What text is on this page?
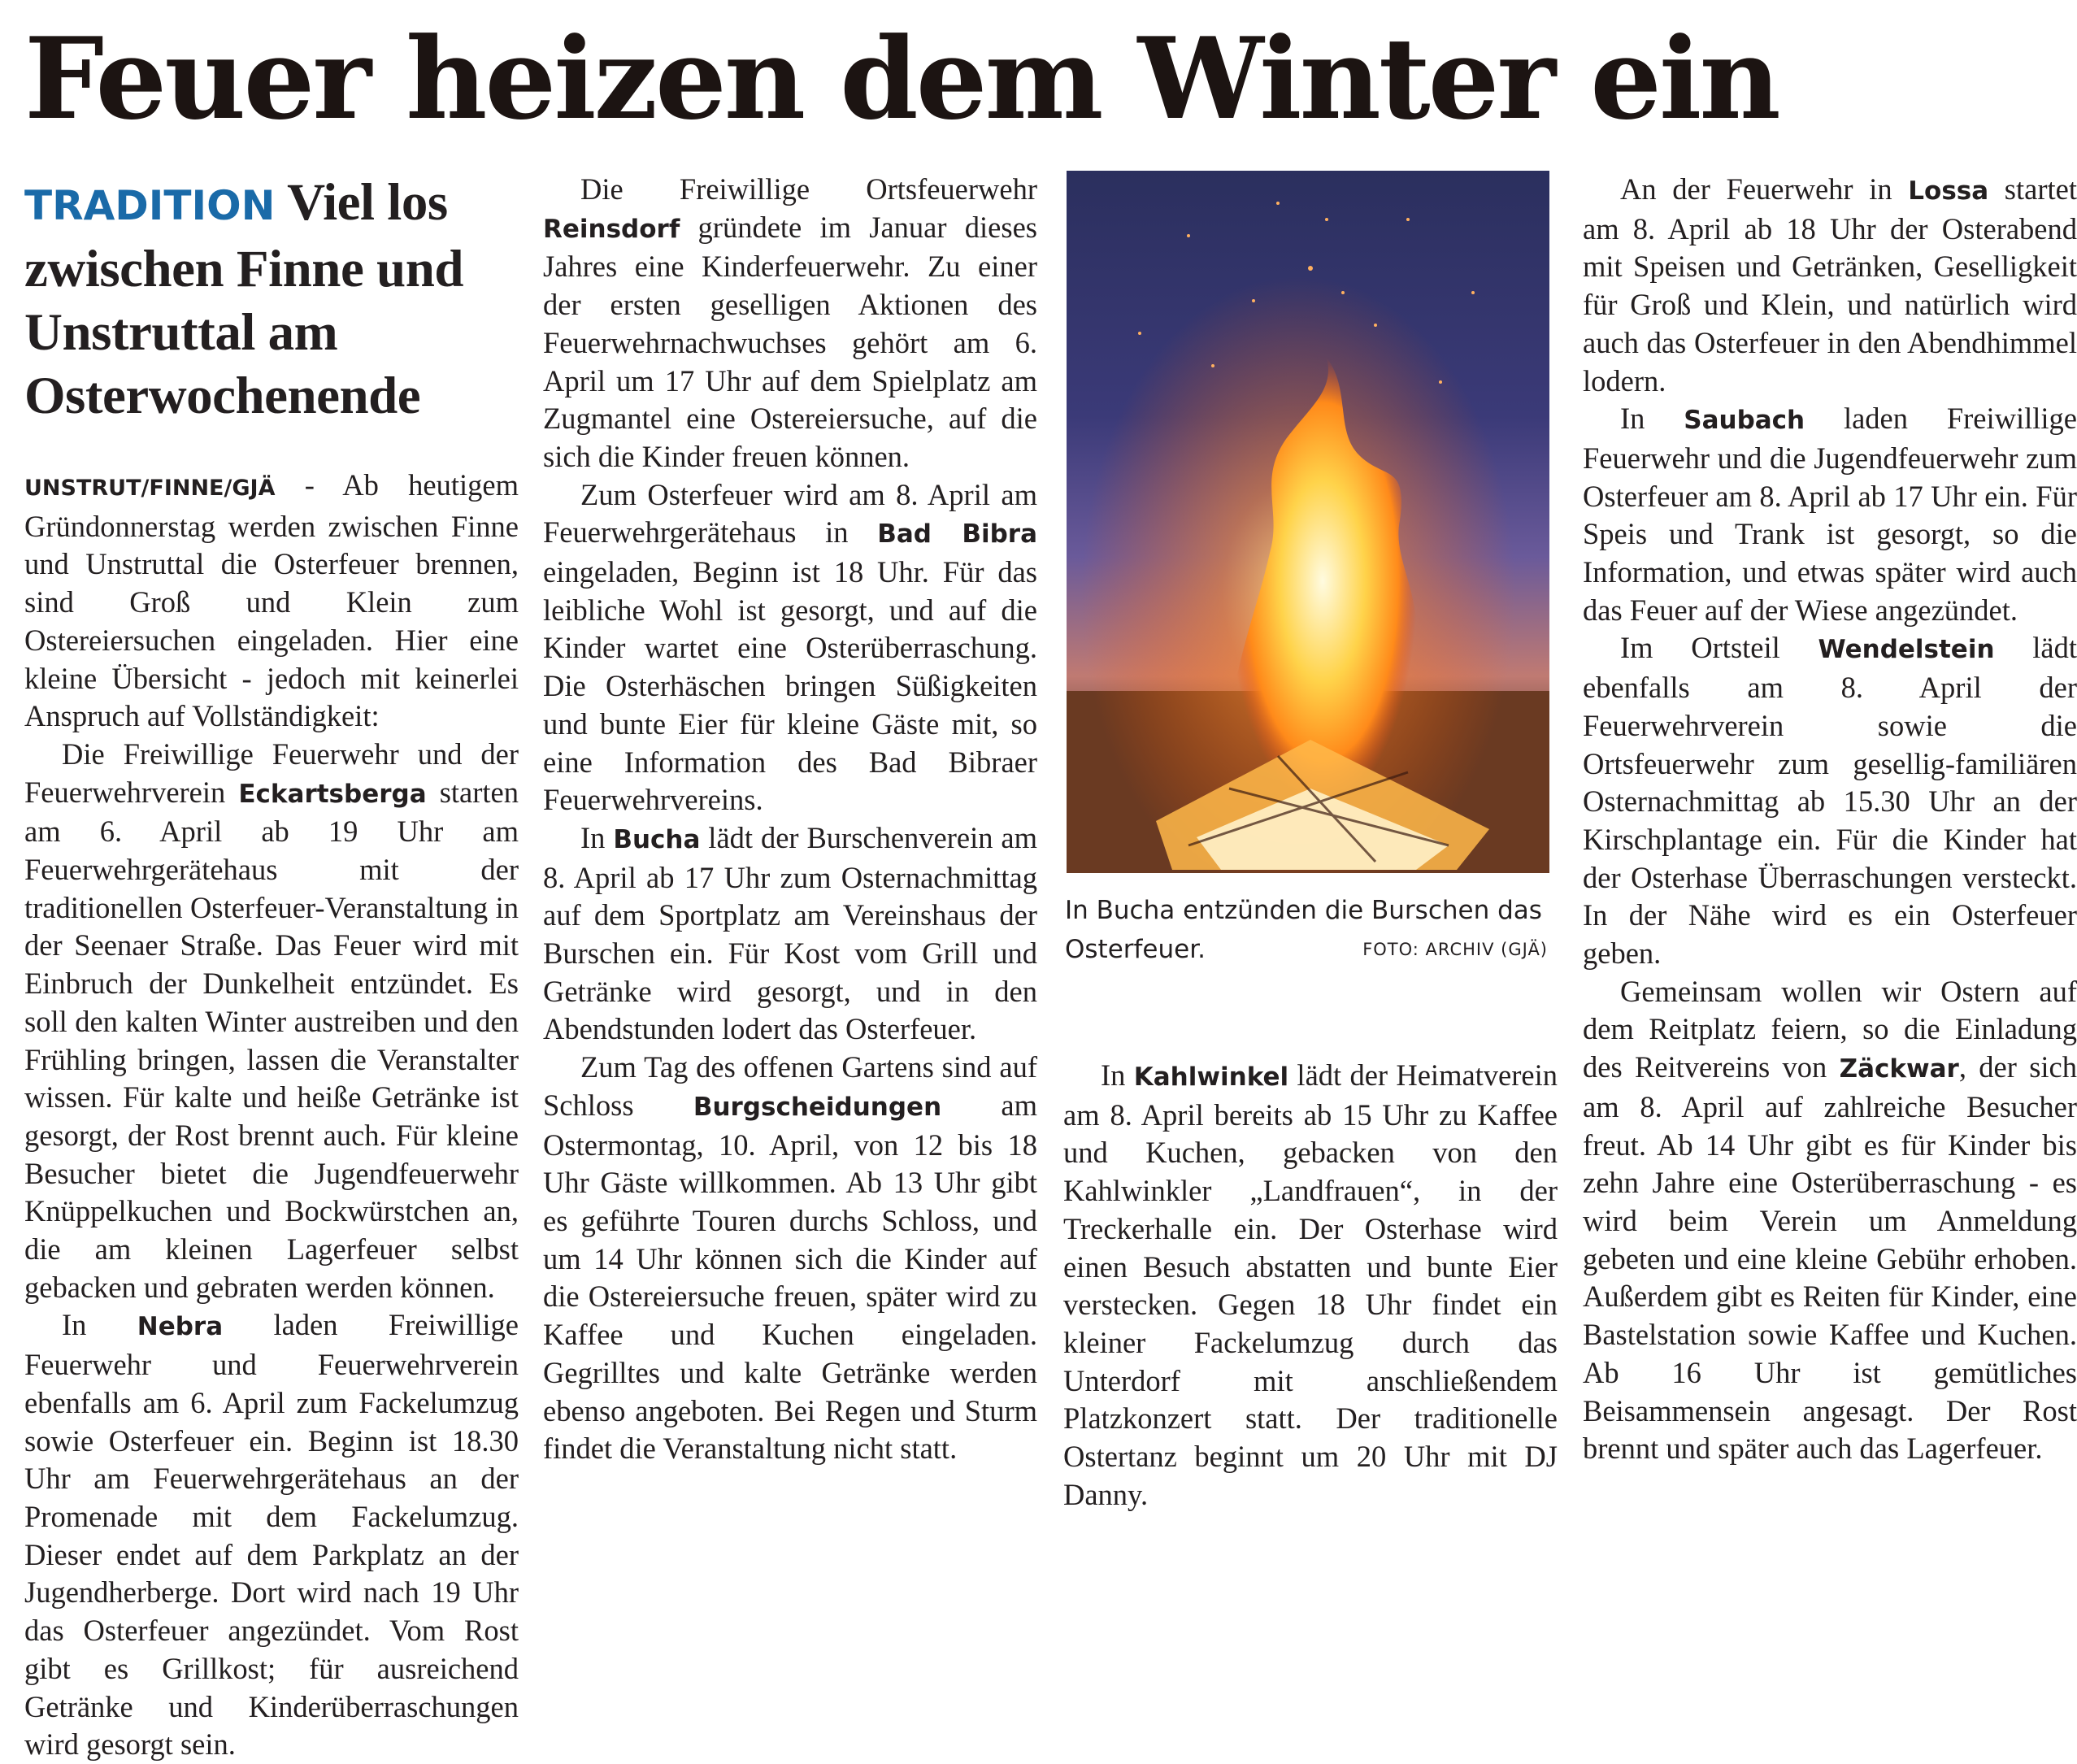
Feuer heizen dem Winter ein
TRADITION Viel los zwischen Finne und Unstruttal am Osterwochenende

UNSTRUT/FINNE/GJÄ - Ab heutigem Gründonnerstag werden zwischen Finne und Unstruttal die Osterfeuer brennen, sind Groß und Klein zum Ostereiersuchen eingeladen. Hier eine kleine Übersicht - jedoch mit keinerlei Anspruch auf Vollständigkeit:

Die Freiwillige Feuerwehr und der Feuerwehrverein Eckartsberga starten am 6. April ab 19 Uhr am Feuerwehrgerätehaus mit der traditionellen Osterfeuer-Veranstaltung in der Seenaer Straße. Das Feuer wird mit Einbruch der Dunkelheit entzündet. Es soll den kalten Winter austreiben und den Frühling bringen, lassen die Veranstalter wissen. Für kalte und heiße Getränke ist gesorgt, der Rost brennt auch. Für kleine Besucher bietet die Jugendfeuerwehr Knüppelkuchen und Bockwürstchen an, die am kleinen Lagerfeuer selbst gebacken und gebraten werden können.

In Nebra laden Freiwillige Feuerwehr und Feuerwehrverein ebenfalls am 6. April zum Fackelumzug sowie Osterfeuer ein. Beginn ist 18.30 Uhr am Feuerwehrgerätehaus an der Promenade mit dem Fackelumzug. Dieser endet auf dem Parkplatz an der Jugendherberge. Dort wird nach 19 Uhr das Osterfeuer angezündet. Vom Rost gibt es Grillkost; für ausreichend Getränke und Kinderüberraschungen wird gesorgt sein.

Die Freiwillige Ortsfeuerwehr Reinsdorf gründete im Januar dieses Jahres eine Kinderfeuerwehr. Zu einer der ersten geselligen Aktionen des Feuerwehrnachwuchses gehört am 6. April um 17 Uhr auf dem Spielplatz am Zugmantel eine Ostereiersuche, auf die sich die Kinder freuen können.

Zum Osterfeuer wird am 8. April am Feuerwehrgerätehaus in Bad Bibra eingeladen, Beginn ist 18 Uhr. Für das leibliche Wohl ist gesorgt, und auf die Kinder wartet eine Osterüberraschung. Die Osterhäschen bringen Süßigkeiten und bunte Eier für kleine Gäste mit, so eine Information des Bad Bibraer Feuerwehrvereins.

In Bucha lädt der Burschenverein am 8. April ab 17 Uhr zum Osternachmittag auf dem Sportplatz am Vereinshaus der Burschen ein. Für Kost vom Grill und Getränke wird gesorgt, und in den Abendstunden lodert das Osterfeuer.

Zum Tag des offenen Gartens sind auf Schloss Burgscheidungen am Ostermontag, 10. April, von 12 bis 18 Uhr Gäste willkommen. Ab 13 Uhr gibt es geführte Touren durchs Schloss, und um 14 Uhr können sich die Kinder auf die Ostereiersuche freuen, später wird zu Kaffee und Kuchen eingeladen. Gegrilltes und kalte Getränke werden ebenso angeboten. Bei Regen und Sturm findet die Veranstaltung nicht statt.

In Bucha entzünden die Burschen das Osterfeuer.	FOTO: ARCHIV (GJÄ)

In Kahlwinkel lädt der Heimatverein am 8. April bereits ab 15 Uhr zu Kaffee und Kuchen, gebacken von den Kahlwinkler „Landfrauen“, in der Treckerhalle ein. Der Osterhase wird einen Besuch abstatten und bunte Eier verstecken. Gegen 18 Uhr findet ein kleiner Fackelumzug durch das Unterdorf mit anschließendem Platzkonzert statt. Der traditionelle Ostertanz beginnt um 20 Uhr mit DJ Danny.

An der Feuerwehr in Lossa startet am 8. April ab 18 Uhr der Osterabend mit Speisen und Getränken, Geselligkeit für Groß und Klein, und natürlich wird auch das Osterfeuer in den Abendhimmel lodern.

In Saubach laden Freiwillige Feuerwehr und die Jugendfeuerwehr zum Osterfeuer am 8. April ab 17 Uhr ein. Für Speis und Trank ist gesorgt, so die Information, und etwas später wird auch das Feuer auf der Wiese angezündet.

Im Ortsteil Wendelstein lädt ebenfalls am 8. April der Feuerwehrverein sowie die Ortsfeuerwehr zum gesellig-familiären Osternachmittag ab 15.30 Uhr an der Kirschplantage ein. Für die Kinder hat der Osterhase Überraschungen versteckt. In der Nähe wird es ein Osterfeuer geben.

Gemeinsam wollen wir Ostern auf dem Reitplatz feiern, so die Einladung des Reitvereins von Zäckwar, der sich am 8. April auf zahlreiche Besucher freut. Ab 14 Uhr gibt es für Kinder bis zehn Jahre eine Osterüberraschung - es wird beim Verein um Anmeldung gebeten und eine kleine Gebühr erhoben. Außerdem gibt es Reiten für Kinder, eine Bastelstation sowie Kaffee und Kuchen. Ab 16 Uhr ist gemütliches Beisammensein angesagt. Der Rost brennt und später auch das Lagerfeuer.
